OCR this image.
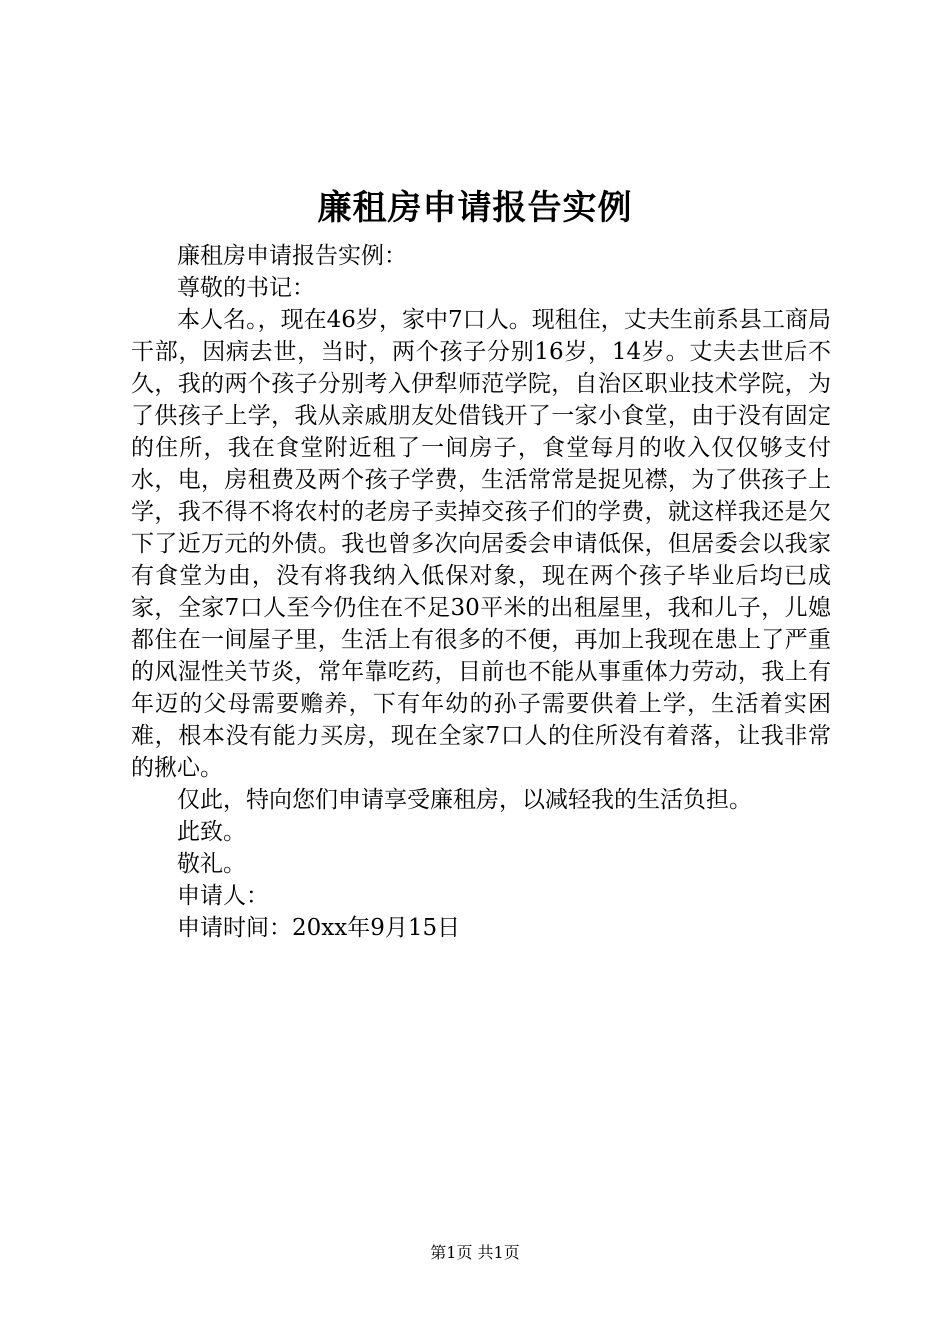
廉租房申请报告实例

廉租房申请报告实例：

尊敬的书记：

本人名。，现在46岁，家中7口人。现租住，丈夫生前系县工商局干部，因病去世，当时，两个孩子分别16岁，14岁。丈夫去世后不久，我的两个孩子分别考入伊犁师范学院，自治区职业技术学院，为了供孩子上学，我从亲戚朋友处借钱开了一家小食堂，由于没有固定的住所，我在食堂附近租了一间房子，食堂每月的收入仅仅够支付水，电，房租费及两个孩子学费，生活常常是捉见襟，为了供孩子上学，我不得不将农村的老房子卖掉交孩子们的学费，就这样我还是欠下了近万元的外债。我也曾多次向居委会申请低保，但居委会以我家有食堂为由，没有将我纳入低保对象，现在两个孩子毕业后均已成家，全家7口人至今仍住在不足30平米的出租屋里，我和儿子，儿媳都住在一间屋子里，生活上有很多的不便，再加上我现在患上了严重的风湿性关节炎，常年靠吃药，目前也不能从事重体力劳动，我上有年迈的父母需要赡养，下有年幼的孙子需要供着上学，生活着实困难，根本没有能力买房，现在全家7口人的住所没有着落，让我非常的揪心。

仅此，特向您们申请享受廉租房，以减轻我的生活负担。

此致。

敬礼。

申请人：

申请时间：20xx年9月15日

第1页 共1页
